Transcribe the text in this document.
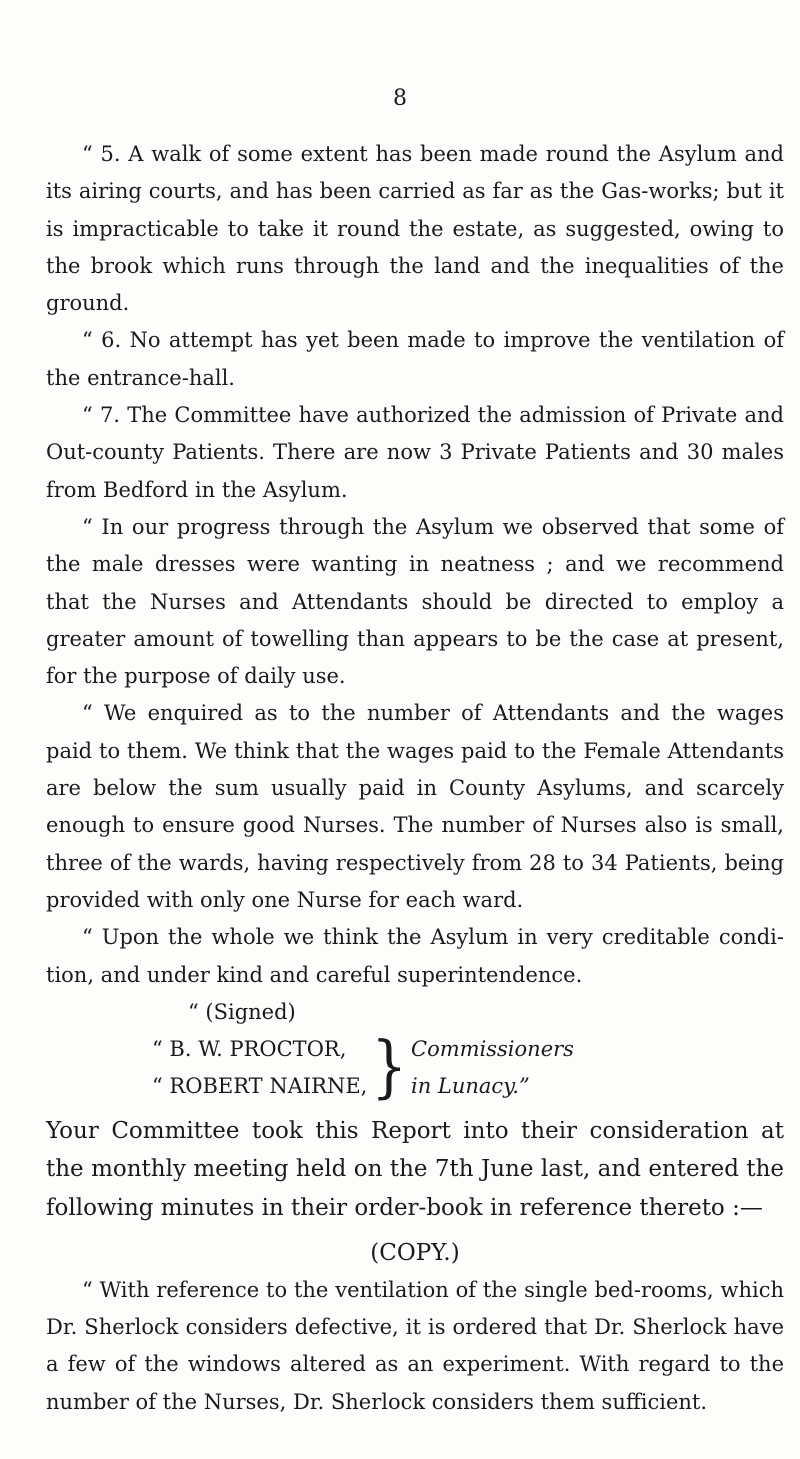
8

“ 5. A walk of some extent has been made round the Asylum and its airing courts, and has been carried as far as the Gas-works; but it is impracticable to take it round the estate, as suggested, owing to the brook which runs through the land and the inequalities of the ground.

“ 6. No attempt has yet been made to improve the ventilation of the entrance-hall.

“ 7. The Committee have authorized the admission of Private and Out-county Patients. There are now 3 Private Patients and 30 males from Bedford in the Asylum.

“ In our progress through the Asylum we observed that some of the male dresses were wanting in neatness ; and we recommend that the Nurses and Attendants should be directed to employ a greater amount of towelling than appears to be the case at present, for the purpose of daily use.

“ We enquired as to the number of Attendants and the wages paid to them. We think that the wages paid to the Female Attendants are below the sum usually paid in County Asylums, and scarcely enough to ensure good Nurses. The number of Nurses also is small, three of the wards, having respectively from 28 to 34 Patients, being provided with only one Nurse for each ward.

“ Upon the whole we think the Asylum in very creditable condi- tion, and under kind and careful superintendence.

“ (Signed)

“ B. W. PROCTOR,
“ ROBERT NAIRNE, } Commissioners
in Lunacy.”

Your Committee took this Report into their consideration at the monthly meeting held on the 7th June last, and entered the following minutes in their order-book in reference thereto :—

(COPY.)

“ With reference to the ventilation of the single bed-rooms, which Dr. Sherlock considers defective, it is ordered that Dr. Sherlock have a few of the windows altered as an experiment. With regard to the number of the Nurses, Dr. Sherlock considers them sufficient.
